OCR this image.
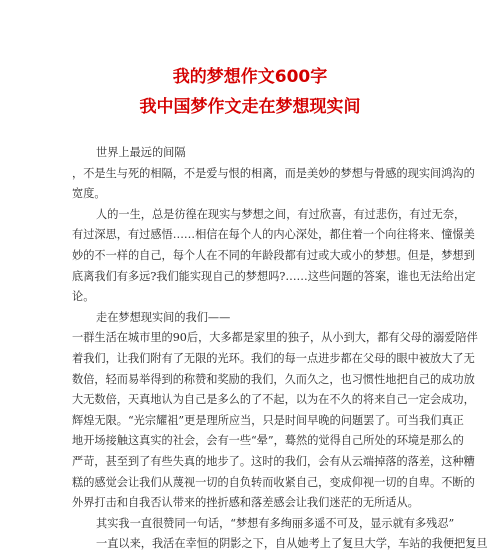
我的梦想作文600字
我中国梦作文走在梦想现实间

世界上最远的间隔

，不是生与死的相隔，不是爱与恨的相离，而是美妙的梦想与骨感的现实间鸿沟的

宽度。

人的一生，总是彷徨在现实与梦想之间，有过欣喜，有过悲伤，有过无奈，

有过深思，有过感悟……相信在每个人的内心深处，都住着一个向往将来、憧憬美

妙的不一样的自己，每个人在不同的年龄段都有过或大或小的梦想。但是，梦想到

底离我们有多远?我们能实现自己的梦想吗?……这些问题的答案，谁也无法给出定

论。

走在梦想现实间的我们——

一群生活在城市里的90后，大多都是家里的独子，从小到大，都有父母的溺爱陪伴

着我们，让我们附有了无限的光环。我们的每一点进步都在父母的眼中被放大了无

数倍，轻而易举得到的称赞和奖励的我们，久而久之，也习惯性地把自己的成功放

大无数倍，天真地认为自己是多么的了不起，以为在不久的将来自己一定会成功，

辉煌无限。“光宗耀祖”更是理所应当，只是时间早晚的问题罢了。可当我们真正

地开场接触这真实的社会，会有一些“晕”，蓦然的觉得自己所处的环境是那么的

严苛，甚至到了有些失真的地步了。这时的我们，会有从云端掉落的落差，这种糟

糕的感觉会让我们从蔑视一切的自负转而收紧自己，变成仰视一切的自卑。不断的

外界打击和自我否认带来的挫折感和落差感会让我们迷茫的无所适从。

其实我一直很赞同一句话，“梦想有多绚丽多遥不可及，显示就有多残忍”

一直以来，我活在幸恒的阴影之下，自从她考上了复旦大学，车站的我便把复旦
